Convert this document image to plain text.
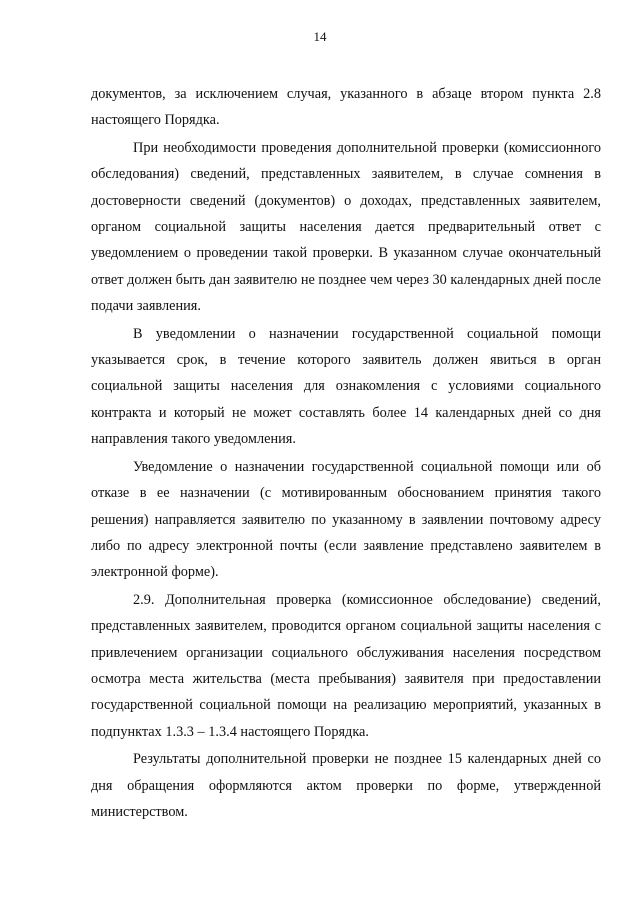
14

документов, за исключением случая, указанного в абзаце втором пункта 2.8 настоящего Порядка.

При необходимости проведения дополнительной проверки (комиссионного обследования) сведений, представленных заявителем, в случае сомнения в достоверности сведений (документов) о доходах, представленных заявителем, органом социальной защиты населения дается предварительный ответ с уведомлением о проведении такой проверки. В указанном случае окончательный ответ должен быть дан заявителю не позднее чем через 30 календарных дней после подачи заявления.

В уведомлении о назначении государственной социальной помощи указывается срок, в течение которого заявитель должен явиться в орган социальной защиты населения для ознакомления с условиями социального контракта и который не может составлять более 14 календарных дней со дня направления такого уведомления.

Уведомление о назначении государственной социальной помощи или об отказе в ее назначении (с мотивированным обоснованием принятия такого решения) направляется заявителю по указанному в заявлении почтовому адресу либо по адресу электронной почты (если заявление представлено заявителем в электронной форме).

2.9. Дополнительная проверка (комиссионное обследование) сведений, представленных заявителем, проводится органом социальной защиты населения с привлечением организации социального обслуживания населения посредством осмотра места жительства (места пребывания) заявителя при предоставлении государственной социальной помощи на реализацию мероприятий, указанных в подпунктах 1.3.3 – 1.3.4 настоящего Порядка.

Результаты дополнительной проверки не позднее 15 календарных дней со дня обращения оформляются актом проверки по форме, утвержденной министерством.
